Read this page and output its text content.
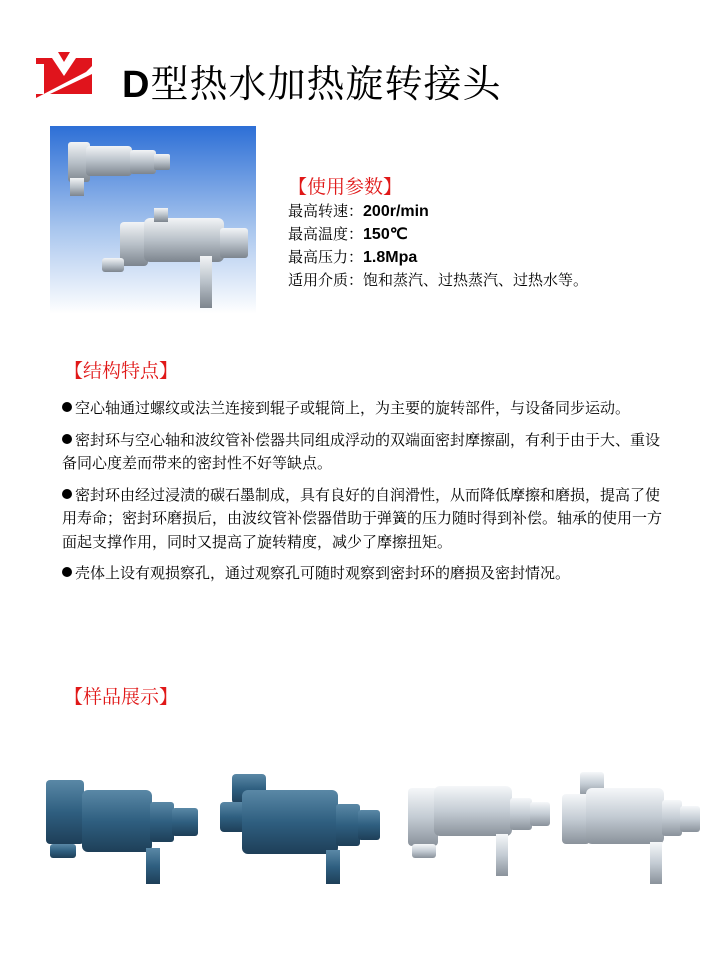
D型热水加热旋转接头
【使用参数】
最高转速：200r/min
最高温度：150℃
最高压力：1.8Mpa
适用介质：饱和蒸汽、过热蒸汽、过热水等。
【结构特点】

空心轴通过螺纹或法兰连接到辊子或辊筒上，为主要的旋转部件，与设备同步运动。

密封环与空心轴和波纹管补偿器共同组成浮动的双端面密封摩擦副，有利于由于大、重设备同心度差而带来的密封性不好等缺点。

密封环由经过浸渍的碳石墨制成，具有良好的自润滑性，从而降低摩擦和磨损，提高了使用寿命；密封环磨损后，由波纹管补偿器借助于弹簧的压力随时得到补偿。轴承的使用一方面起支撑作用，同时又提高了旋转精度，减少了摩擦扭矩。

壳体上设有观损察孔，通过观察孔可随时观察到密封环的磨损及密封情况。

【样品展示】
